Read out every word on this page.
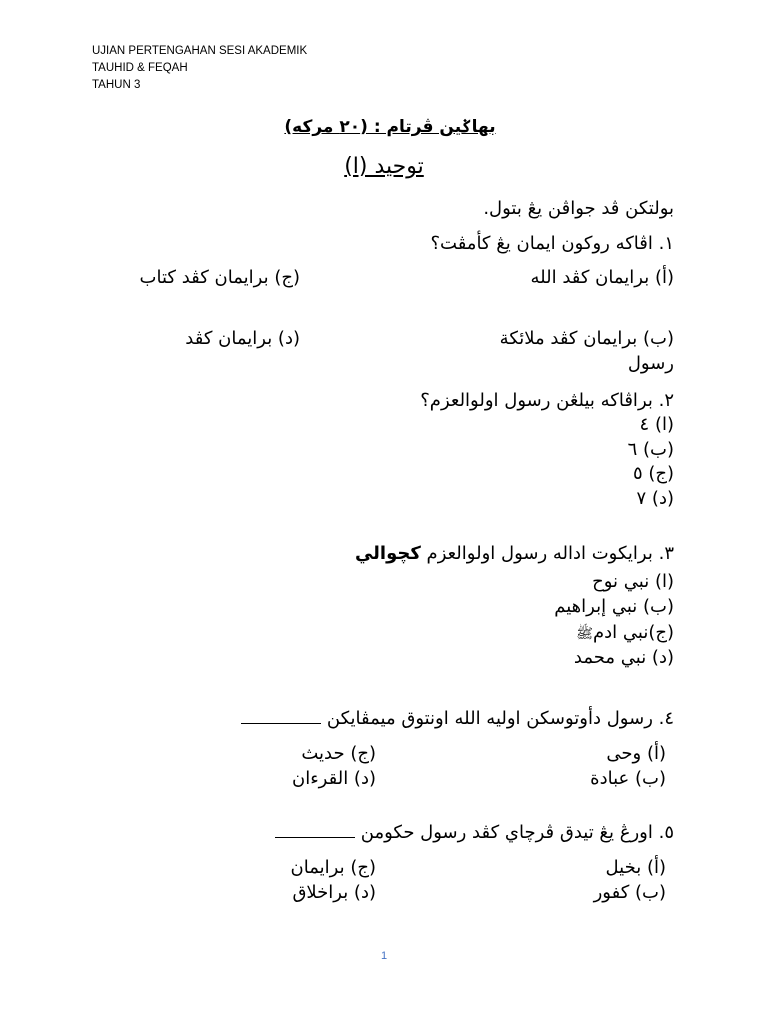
UJIAN PERTENGAHAN SESI AKADEMIK
TAUHID & FEQAH
TAHUN 3
بهاݢين ڤرتام : (٢٠ مركه)
توحيد (ا)
بولتكن ڤد جواڤن يڠ بتول.
١. اڤاكه روكون ايمان يڠ كأمڤت؟
(أ) برايمان كڤد الله
(ج) برايمان كڤد كتاب
(ب) برايمان كڤد ملائكة
(د) برايمان كڤد
رسول
٢. براڤاكه بيلڠن رسول اولوالعزم؟
(ا) ٤
(ب) ٦
(ج) ٥
(د) ٧
٣. برايكوت اداله رسول اولوالعزم كچوالي
(ا) نبي نوح
(ب) نبي إبراهيم
(ج)نبي ادمﷺ
(د) نبي محمد
٤. رسول دأوتوسكن اوليه الله اونتوق ميمڤايكن
(أ) وحى
(ج) حديث
(ب) عبادة
(د) القرءان
٥. اورڠ يڠ تيدق ڤرچاي كڤد رسول حكومن
(أ) بخيل
(ج) برايمان
(ب) كفور
(د) براخلاق
1
